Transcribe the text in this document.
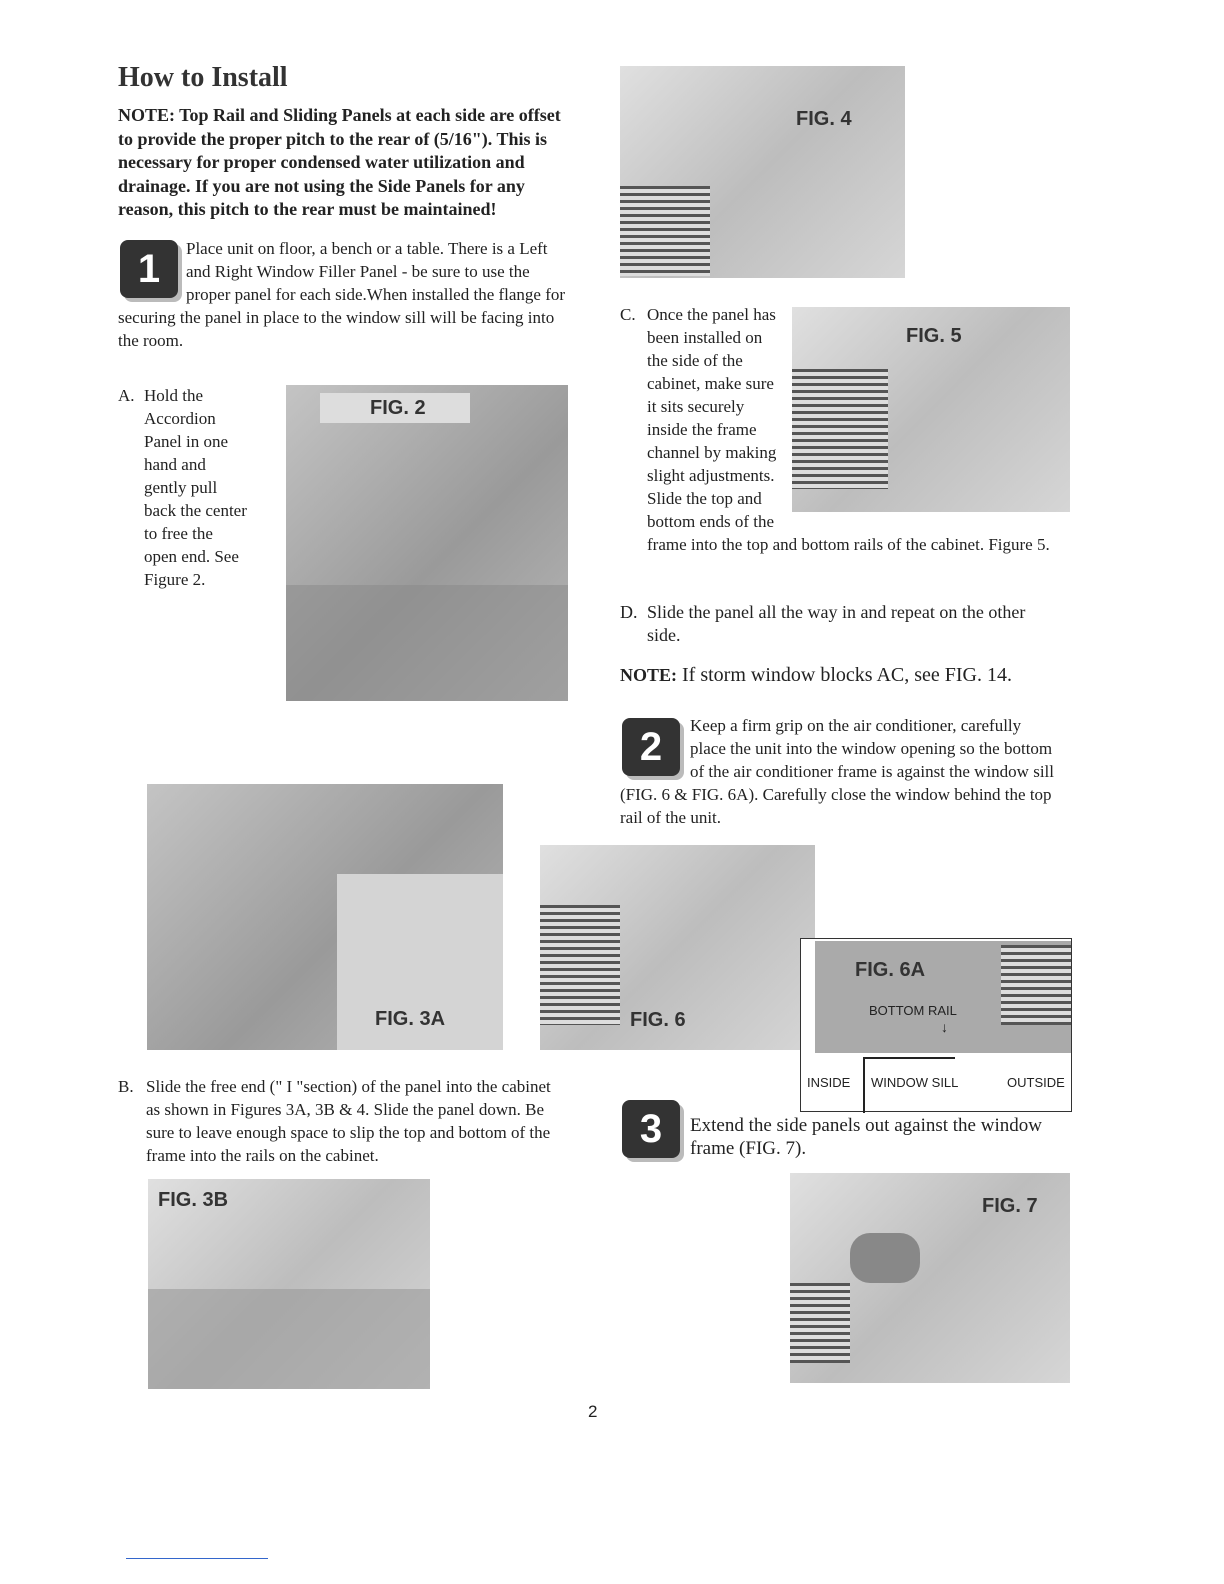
How to Install
NOTE: Top Rail and Sliding Panels at each side are offset to provide the proper pitch to the rear of (5/16"). This is necessary for proper condensed water utilization and drainage. If you are not using the Side Panels for any reason, this pitch to the rear must be maintained!
1	Place unit on floor, a bench or a table. There is a Left and Right Window Filler Panel - be sure to use the proper panel for each side.When installed the flange for securing the panel in place to the window sill will be facing into the room.
A. Hold the Accordion Panel in one hand and gently pull back the center to free the open end. See Figure 2.
FIG. 2
FIG. 3A
B. Slide the free end (" I "section) of the panel into the cabinet as shown in Figures 3A, 3B & 4. Slide the panel down. Be sure to leave enough space to slip the top and bottom of the frame into the rails on the cabinet.
FIG. 3B
FIG. 4
C. Once the panel has been installed on the side of the cabinet, make sure it sits securely inside the frame channel by making slight adjustments. Slide the top and bottom ends of the frame into the top and bottom rails of the cabinet. Figure 5.
FIG. 5
D. Slide the panel all the way in and repeat on the other side.
NOTE: If storm window blocks AC, see FIG. 14.
2	Keep a firm grip on the air conditioner, carefully place the unit into the window opening so the bottom of the air conditioner frame is against the window sill (FIG. 6 & FIG. 6A). Carefully close the window behind the top rail of the unit.
FIG. 6
FIG. 6A
BOTTOM RAIL
↓
INSIDE WINDOW SILL	OUTSIDE
3	Extend the side panels out against the window frame (FIG. 7).
FIG. 7
2
